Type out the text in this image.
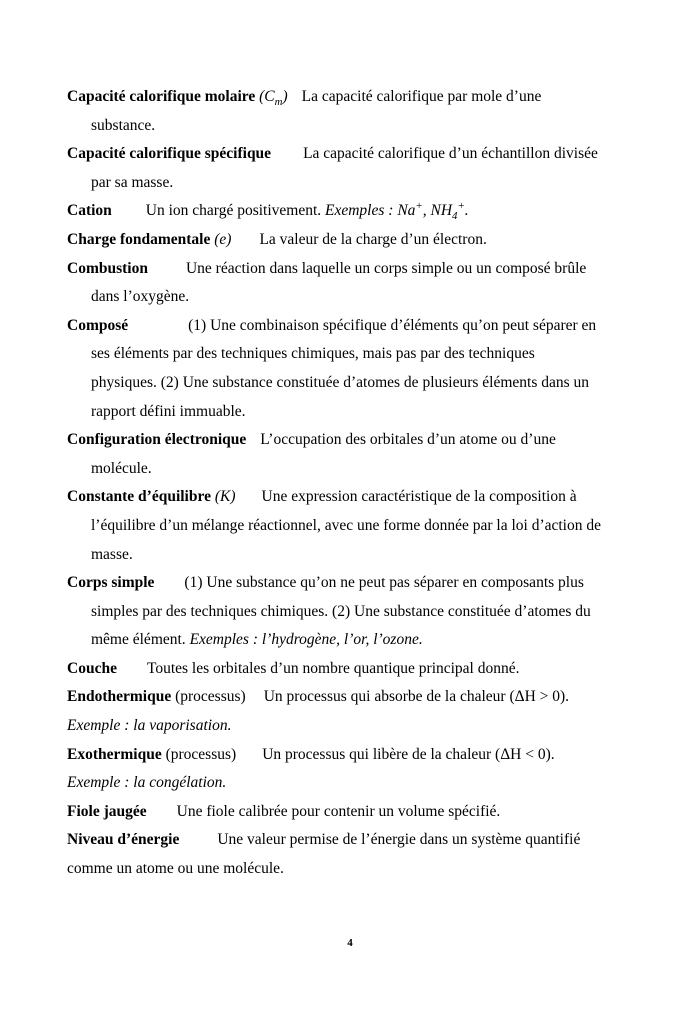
Capacité calorifique molaire $(C_m)$ La capacité calorifique par mole d’une
substance.
Capacité calorifique spécifique La capacité calorifique d’un échantillon divisée
par sa masse.
Cation Un ion chargé positivement. Exemples : Na+, $NH_4^+$.
Charge fondamentale (e) La valeur de la charge d’un électron.
Combustion Une réaction dans laquelle un corps simple ou un composé brûle
dans l’oxygène.
Composé	(1) Une combinaison spécifique d’éléments qu’on peut séparer en
ses éléments par des techniques chimiques, mais pas par des techniques
physiques. (2) Une substance constituée d’atomes de plusieurs éléments dans un
rapport défini immuable.
Configuration électronique L’occupation des orbitales d’un atome ou d’une
molécule.
Constante d’équilibre (K) Une expression caractéristique de la composition à
l’équilibre d’un mélange réactionnel, avec une forme donnée par la loi d’action de
masse.
Corps simple (1) Une substance qu’on ne peut pas séparer en composants plus
simples par des techniques chimiques. (2) Une substance constituée d’atomes du
même élément. Exemples : l’hydrogène, l’or, l’ozone.
Couche Toutes les orbitales d’un nombre quantique principal donné.
Endothermique (processus) Un processus qui absorbe de la chaleur (ΔH > 0).
Exemple : la vaporisation.
Exothermique (processus) Un processus qui libère de la chaleur (ΔH < 0).
Exemple : la congélation.
Fiole jaugée Une fiole calibrée pour contenir un volume spécifié.
Niveau d’énergie Une valeur permise de l’énergie dans un système quantifié
comme un atome ou une molécule.
4
